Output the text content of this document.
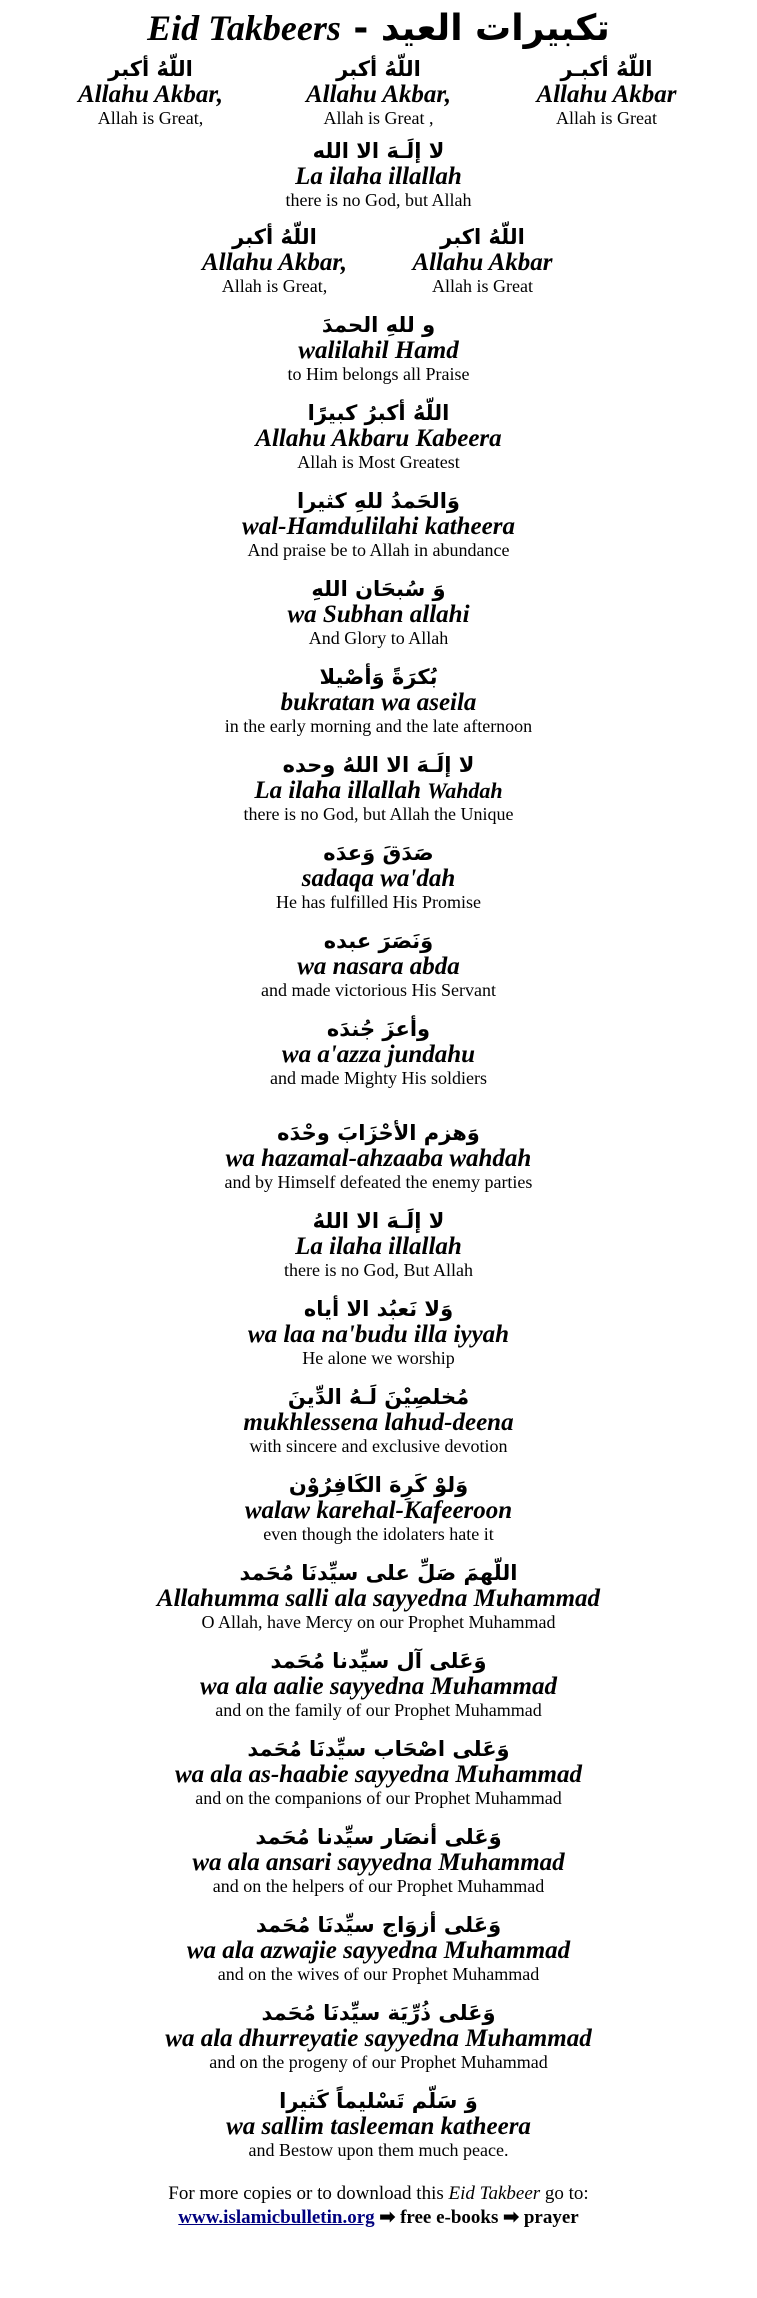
Eid Takbeers - تكبيرات العيد
اللّهُ أكبر
Allahu Akbar,
Allah is Great,
اللّهُ أكبر
Allahu Akbar,
Allah is Great ,
اللّهُ أكبـر
Allahu Akbar
Allah is Great
لا إلَـهَ الا الله
La ilaha illallah
there is no God, but Allah
اللّهُ أكبر
Allahu Akbar,
Allah is Great,
اللّهُ اكبر
Allahu Akbar
Allah is Great
و للهِ الحمدَ
walilahil Hamd
to Him belongs all Praise
اللّهُ أكبرُ كبيرًا
Allahu Akbaru Kabeera
Allah is Most Greatest
وَالحَمدُ للهِ كثيرا
wal-Hamdulilahi katheera
And praise be to Allah in abundance
وَ سُبحَان اللهِ
wa Subhan allahi
And Glory to Allah
بُكرَةً وَأصْيلا
bukratan wa aseila
in the early morning and the late afternoon
لا إلَـهَ الا اللهُ وحده
La ilaha illallah Wahdah
there is no God, but Allah the Unique
صَدَقَ وَعدَه
sadaqa wa'dah
He has fulfilled His Promise
وَنَصَرَ عبده
wa nasara abda
and made victorious His Servant
وأعزَ جُندَه
wa a'azza jundahu
and made Mighty His soldiers
وَهزم الأحْزَابَ وحْدَه
wa hazamal-ahzaaba wahdah
and by Himself defeated the enemy parties
لا إلَـهَ الا اللهُ
La ilaha illallah
there is no God, But Allah
وَلا نَعبُد الا أياه
wa laa na'budu illa iyyah
He alone we worship
مُخلصِيْنَ لَـهُ الدِّينَ
mukhlessena lahud-deena
with sincere and exclusive devotion
وَلوْ كَرِهَ الكَافِرُوْن
walaw karehal-Kafeeroon
even though the idolaters hate it
اللّهمَ صَلِّ على سيِّدنَا مُحَمد
Allahumma salli ala sayyedna Muhammad
O Allah, have Mercy on our Prophet Muhammad
وَعَلى آل سيِّدنا مُحَمد
wa ala aalie sayyedna Muhammad
and on the family of our Prophet Muhammad
وَعَلى اصْحَاب سيِّدنَا مُحَمد
wa ala as-haabie sayyedna Muhammad
and on the companions of our Prophet Muhammad
وَعَلى أنصَار سيِّدنا مُحَمد
wa ala ansari sayyedna Muhammad
and on the helpers of our Prophet Muhammad
وَعَلى أزوَاج سيِّدنَا مُحَمد
wa ala azwajie sayyedna Muhammad
and on the wives of our Prophet Muhammad
وَعَلى ذُرِّيَة سيِّدنَا مُحَمد
wa ala dhurreyatie sayyedna Muhammad
and on the progeny of our Prophet Muhammad
وَ سَلّم تَسْليماً كَثيرا
wa sallim tasleeman katheera
and Bestow upon them much peace.
For more copies or to download this Eid Takbeer go to:
www.islamicbulletin.org ➡ free e-books ➡ prayer
